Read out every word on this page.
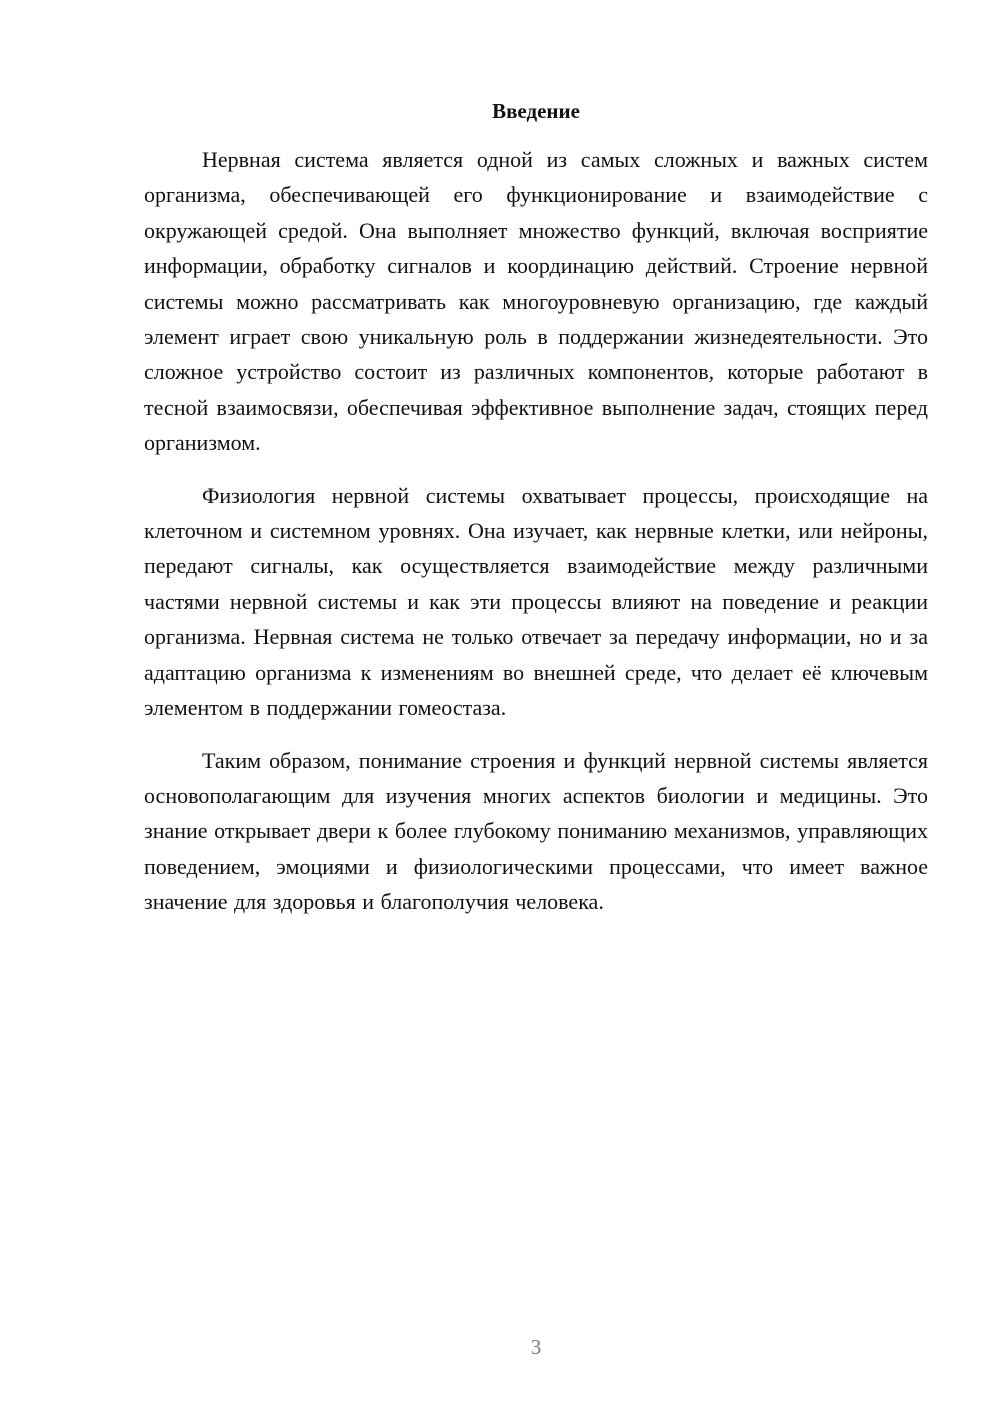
Введение

Нервная система является одной из самых сложных и важных систем организма, обеспечивающей его функционирование и взаимодействие с окружающей средой. Она выполняет множество функций, включая восприятие информации, обработку сигналов и координацию действий. Строение нервной системы можно рассматривать как многоуровневую организацию, где каждый элемент играет свою уникальную роль в поддержании жизнедеятельности. Это сложное устройство состоит из различных компонентов, которые работают в тесной взаимосвязи, обеспечивая эффективное выполнение задач, стоящих перед организмом.

Физиология нервной системы охватывает процессы, происходящие на клеточном и системном уровнях. Она изучает, как нервные клетки, или нейроны, передают сигналы, как осуществляется взаимодействие между различными частями нервной системы и как эти процессы влияют на поведение и реакции организма. Нервная система не только отвечает за передачу информации, но и за адаптацию организма к изменениям во внешней среде, что делает её ключевым элементом в поддержании гомеостаза.

Таким образом, понимание строения и функций нервной системы является основополагающим для изучения многих аспектов биологии и медицины. Это знание открывает двери к более глубокому пониманию механизмов, управляющих поведением, эмоциями и физиологическими процессами, что имеет важное значение для здоровья и благополучия человека.

3
